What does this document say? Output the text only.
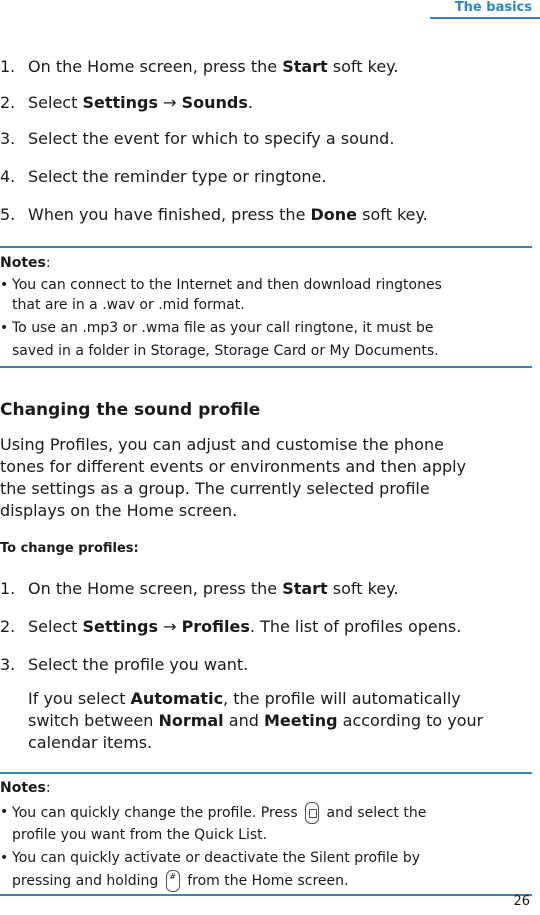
The basics
1. On the Home screen, press the Start soft key.
2. Select Settings → Sounds.
3. Select the event for which to specify a sound.
4. Select the reminder type or ringtone.
5. When you have finished, press the Done soft key.
Notes:
• You can connect to the Internet and then download ringtones
that are in a .wav or .mid format.
• To use an .mp3 or .wma file as your call ringtone, it must be
saved in a folder in Storage, Storage Card or My Documents.
Changing the sound profile
Using Profiles, you can adjust and customise the phone
tones for different events or environments and then apply
the settings as a group. The currently selected profile
displays on the Home screen.
To change profiles:
1. On the Home screen, press the Start soft key.
2. Select Settings → Profiles. The list of profiles opens.
3. Select the profile you want.
If you select Automatic, the profile will automatically
switch between Normal and Meeting according to your
calendar items.
Notes:
• You can quickly change the profile. Press
and select the
profile you want from the Quick List.
• You can quickly activate or deactivate the Silent profile by
pressing and holding # from the Home screen.
26
